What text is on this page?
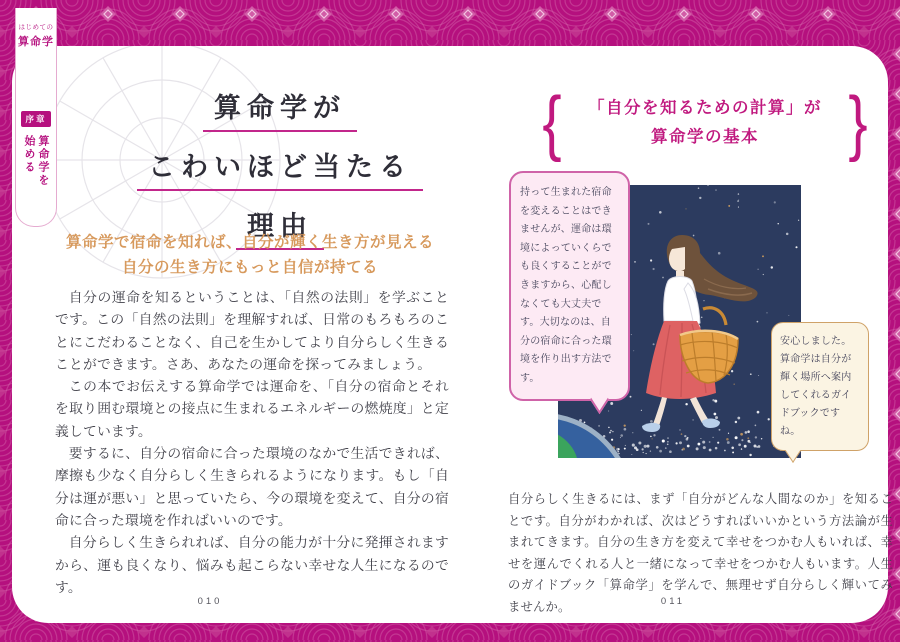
はじめての
算命学
序章
算命学を
始める
算命学が
こわいほど当たる
理由
算命学で宿命を知れば、自分が輝く生き方が見える
自分の生き方にもっと自信が持てる

自分の運命を知るということは、「自然の法則」を学ぶことです。この「自然の法則」を理解すれば、日常のもろもろのことにこだわることなく、自己を生かしてより自分らしく生きることができます。さあ、あなたの運命を探ってみましょう。

この本でお伝えする算命学では運命を、「自分の宿命とそれを取り囲む環境との接点に生まれるエネルギーの燃焼度」と定義しています。

要するに、自分の宿命に合った環境のなかで生活できれば、摩擦も少なく自分らしく生きられるようになります。もし「自分は運が悪い」と思っていたら、今の環境を変えて、自分の宿命に合った環境を作ればいいのです。

自分らしく生きられれば、自分の能力が十分に発揮されますから、運も良くなり、悩みも起こらない幸せな人生になるのです。

{	「自分を知るための計算」が
算命学の基本	}
持って生まれた宿命を変えることはできませんが、運命は環境によっていくらでも良くすることができますから、心配しなくても大丈夫です。大切なのは、自分の宿命に合った環境を作り出す方法です。
安心しました。算命学は自分が輝く場所へ案内してくれるガイドブックですね。
自分らしく生きるには、まず「自分がどんな人間なのか」を知ることです。自分がわかれば、次はどうすればいいかという方法論が生まれてきます。自分の生き方を変えて幸せをつかむ人もいれば、幸せを運んでくれる人と一緒になって幸せをつかむ人もいます。人生のガイドブック「算命学」を学んで、無理せず自分らしく輝いてみませんか。
010	011
